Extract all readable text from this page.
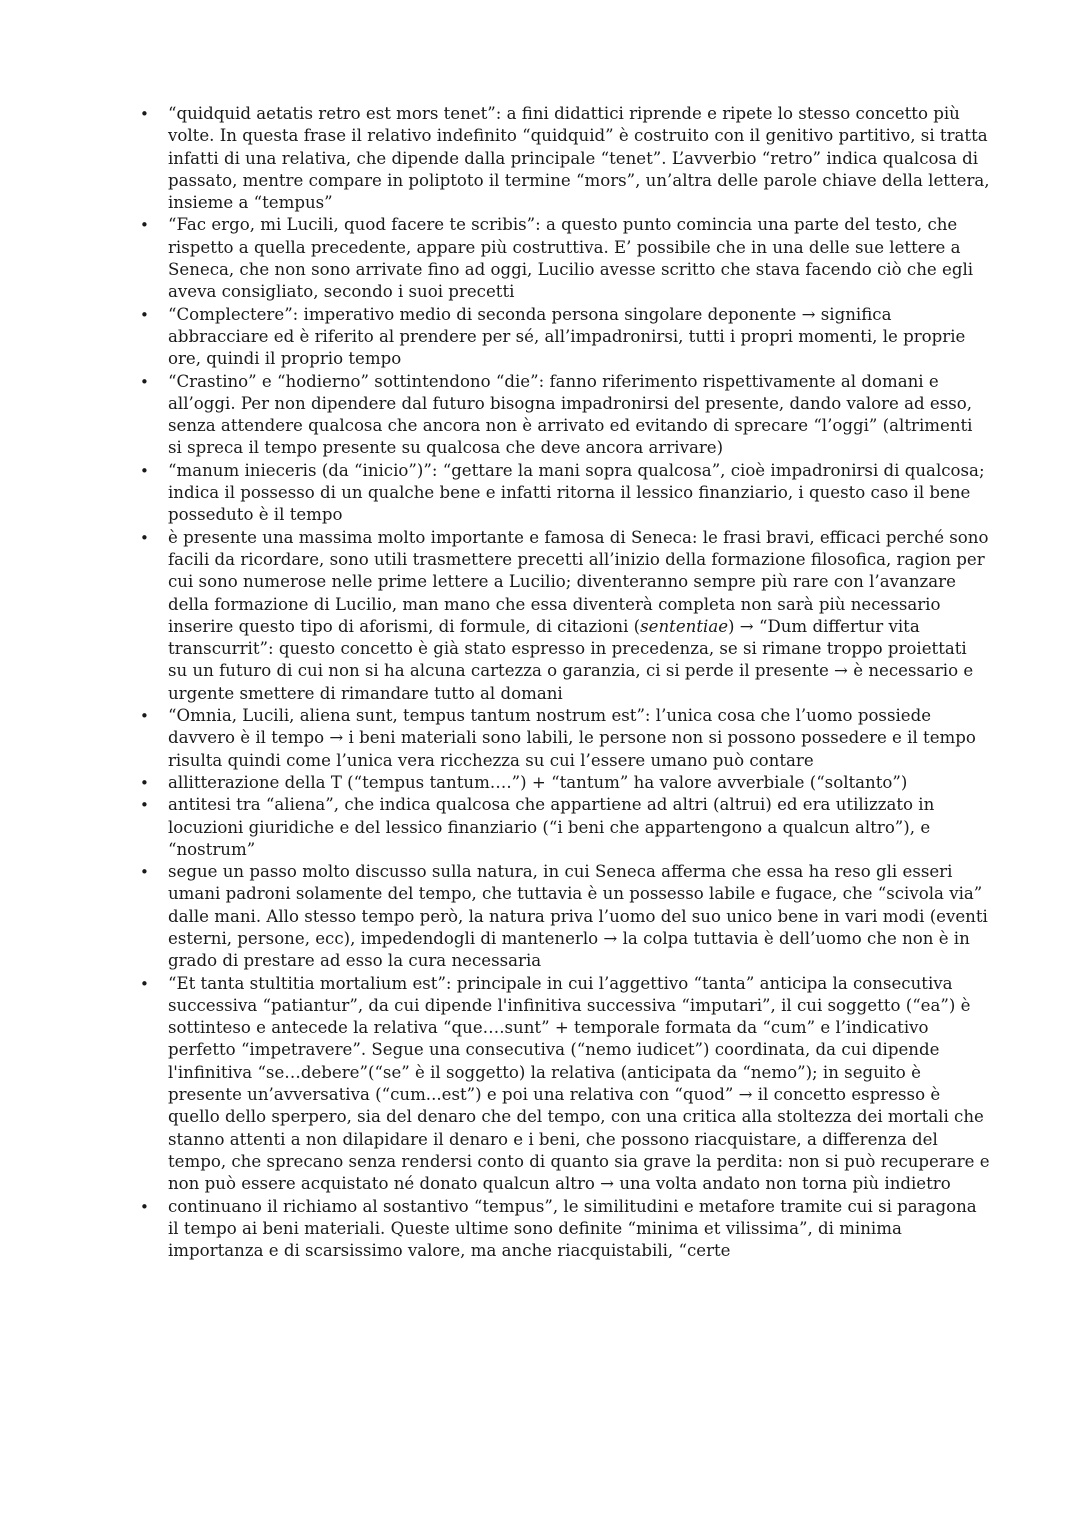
• “quidquid aetatis retro est mors tenet”: a fini didattici riprende e ripete lo stesso concetto più volte. In questa frase il relativo indefinito “quidquid” è costruito con il genitivo partitivo, si tratta infatti di una relativa, che dipende dalla principale “tenet”. L’avverbio “retro” indica qualcosa di passato, mentre compare in poliptoto il termine “mors”, un’altra delle parole chiave della lettera, insieme a “tempus”
• “Fac ergo, mi Lucili, quod facere te scribis”: a questo punto comincia una parte del testo, che rispetto a quella precedente, appare più costruttiva. E’ possibile che in una delle sue lettere a Seneca, che non sono arrivate fino ad oggi, Lucilio avesse scritto che stava facendo ciò che egli aveva consigliato, secondo i suoi precetti
• “Complectere”: imperativo medio di seconda persona singolare deponente → significa abbracciare ed è riferito al prendere per sé, all’impadronirsi, tutti i propri momenti, le proprie ore, quindi il proprio tempo
• “Crastino” e “hodierno” sottintendono “die”: fanno riferimento rispettivamente al domani e all’oggi. Per non dipendere dal futuro bisogna impadronirsi del presente, dando valore ad esso, senza attendere qualcosa che ancora non è arrivato ed evitando di sprecare “l’oggi” (altrimenti si spreca il tempo presente su qualcosa che deve ancora arrivare)
• “manum inieceris (da “inicio”)”: “gettare la mani sopra qualcosa”, cioè impadronirsi di qualcosa; indica il possesso di un qualche bene e infatti ritorna il lessico finanziario, i questo caso il bene posseduto è il tempo
• è presente una massima molto importante e famosa di Seneca: le frasi bravi, efficaci perché sono facili da ricordare, sono utili trasmettere precetti all’inizio della formazione filosofica, ragion per cui sono numerose nelle prime lettere a Lucilio; diventeranno sempre più rare con l’avanzare della formazione di Lucilio, man mano che essa diventerà completa non sarà più necessario inserire questo tipo di aforismi, di formule, di citazioni (sententiae) → “Dum differtur vita transcurrit”: questo concetto è già stato espresso in precedenza, se si rimane troppo proiettati su un futuro di cui non si ha alcuna cartezza o garanzia, ci si perde il presente → è necessario e urgente smettere di rimandare tutto al domani
• “Omnia, Lucili, aliena sunt, tempus tantum nostrum est”: l’unica cosa che l’uomo possiede davvero è il tempo → i beni materiali sono labili, le persone non si possono possedere e il tempo risulta quindi come l’unica vera ricchezza su cui l’essere umano può contare
• allitterazione della T (“tempus tantum….”) + “tantum” ha valore avverbiale (“soltanto”)
• antitesi tra “aliena”, che indica qualcosa che appartiene ad altri (altrui) ed era utilizzato in locuzioni giuridiche e del lessico finanziario (“i beni che appartengono a qualcun altro”), e “nostrum”
• segue un passo molto discusso sulla natura, in cui Seneca afferma che essa ha reso gli esseri umani padroni solamente del tempo, che tuttavia è un possesso labile e fugace, che “scivola via” dalle mani. Allo stesso tempo però, la natura priva l’uomo del suo unico bene in vari modi (eventi esterni, persone, ecc), impedendogli di mantenerlo → la colpa tuttavia è dell’uomo che non è in grado di prestare ad esso la cura necessaria
• “Et tanta stultitia mortalium est”: principale in cui l’aggettivo “tanta” anticipa la consecutiva successiva “patiantur”, da cui dipende l'infinitiva successiva “imputari”, il cui soggetto (“ea”) è sottinteso e antecede la relativa “que….sunt” + temporale formata da “cum” e l’indicativo perfetto “impetravere”. Segue una consecutiva (“nemo iudicet”) coordinata, da cui dipende l'infinitiva “se…debere”(“se” è il soggetto) la relativa (anticipata da “nemo”); in seguito è presente un’avversativa (“cum...est”) e poi una relativa con “quod” → il concetto espresso è quello dello sperpero, sia del denaro che del tempo, con una critica alla stoltezza dei mortali che stanno attenti a non dilapidare il denaro e i beni, che possono riacquistare, a differenza del tempo, che sprecano senza rendersi conto di quanto sia grave la perdita: non si può recuperare e non può essere acquistato né donato qualcun altro → una volta andato non torna più indietro
• continuano il richiamo al sostantivo “tempus”, le similitudini e metafore tramite cui si paragona il tempo ai beni materiali. Queste ultime sono definite “minima et vilissima”, di minima importanza e di scarsissimo valore, ma anche riacquistabili, “certe
